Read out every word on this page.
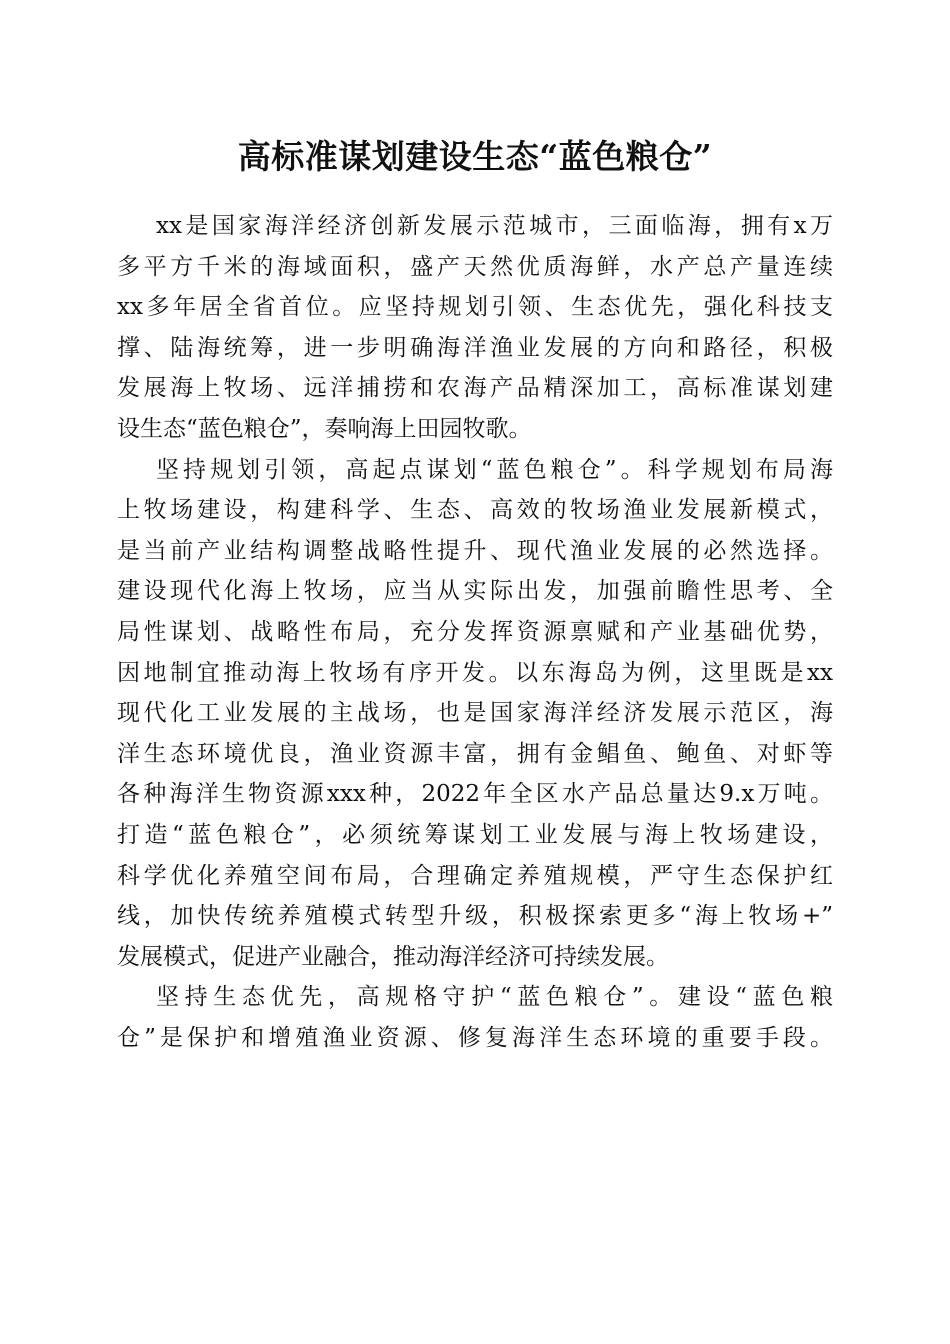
高标准谋划建设生态“蓝色粮仓”
xx是国家海洋经济创新发展示范城市，三面临海，拥有x万
多平方千米的海域面积，盛产天然优质海鲜，水产总产量连续
xx多年居全省首位。应坚持规划引领、生态优先，强化科技支
撑、陆海统筹，进一步明确海洋渔业发展的方向和路径，积极
发展海上牧场、远洋捕捞和农海产品精深加工，高标准谋划建
设生态“蓝色粮仓”，奏响海上田园牧歌。
坚持规划引领，高起点谋划“蓝色粮仓”。科学规划布局海
上牧场建设，构建科学、生态、高效的牧场渔业发展新模式，
是当前产业结构调整战略性提升、现代渔业发展的必然选择。
建设现代化海上牧场，应当从实际出发，加强前瞻性思考、全
局性谋划、战略性布局，充分发挥资源禀赋和产业基础优势，
因地制宜推动海上牧场有序开发。以东海岛为例，这里既是xx
现代化工业发展的主战场，也是国家海洋经济发展示范区，海
洋生态环境优良，渔业资源丰富，拥有金鲳鱼、鲍鱼、对虾等
各种海洋生物资源xxx种，2022年全区水产品总量达9.x万吨。
打造“蓝色粮仓”，必须统筹谋划工业发展与海上牧场建设，
科学优化养殖空间布局，合理确定养殖规模，严守生态保护红
线，加快传统养殖模式转型升级，积极探索更多“海上牧场+”
发展模式，促进产业融合，推动海洋经济可持续发展。
坚持生态优先，高规格守护“蓝色粮仓”。建设“蓝色粮
仓”是保护和增殖渔业资源、修复海洋生态环境的重要手段。
